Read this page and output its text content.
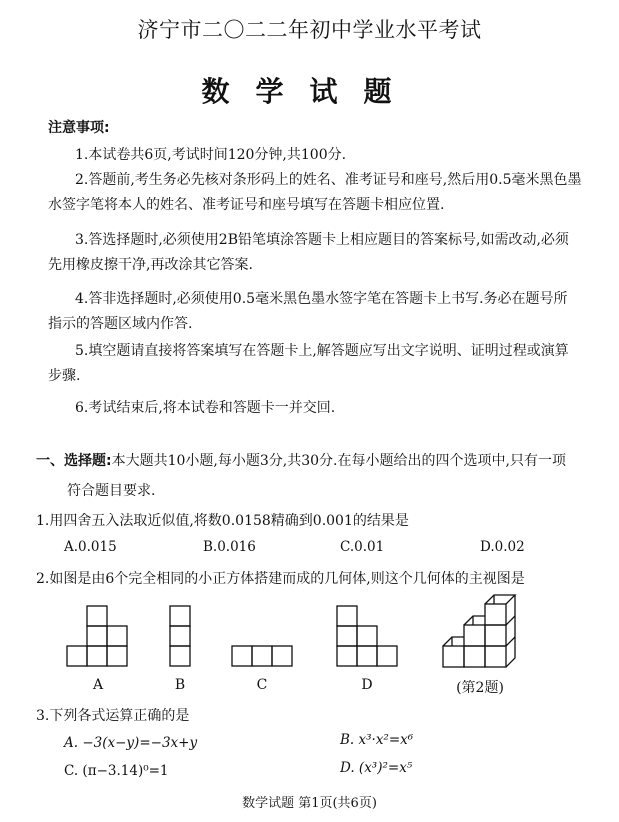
济宁市二〇二二年初中学业水平考试
数学试题
注意事项:
1.本试卷共6页,考试时间120分钟,共100分.
2.答题前,考生务必先核对条形码上的姓名、准考证号和座号,然后用0.5毫米黑色墨
水签字笔将本人的姓名、准考证号和座号填写在答题卡相应位置.
3.答选择题时,必须使用2B铅笔填涂答题卡上相应题目的答案标号,如需改动,必须
先用橡皮擦干净,再改涂其它答案.
4.答非选择题时,必须使用0.5毫米黑色墨水签字笔在答题卡上书写.务必在题号所
指示的答题区域内作答.
5.填空题请直接将答案填写在答题卡上,解答题应写出文字说明、证明过程或演算
步骤.
6.考试结束后,将本试卷和答题卡一并交回.
一、选择题:本大题共10小题,每小题3分,共30分.在每小题给出的四个选项中,只有一项
符合题目要求.
1.用四舍五入法取近似值,将数0.0158精确到0.001的结果是
A.0.015	B.0.016	C.0.01	D.0.02
2.如图是由6个完全相同的小正方体搭建而成的几何体,则这个几何体的主视图是
A	B	C	D	(第2题)
3.下列各式运算正确的是
A. −3(x−y)=−3x+y	B. x³·x²=x⁶
C. (π−3.14)⁰=1	D. (x³)²=x⁵
数学试题 第1页(共6页)
